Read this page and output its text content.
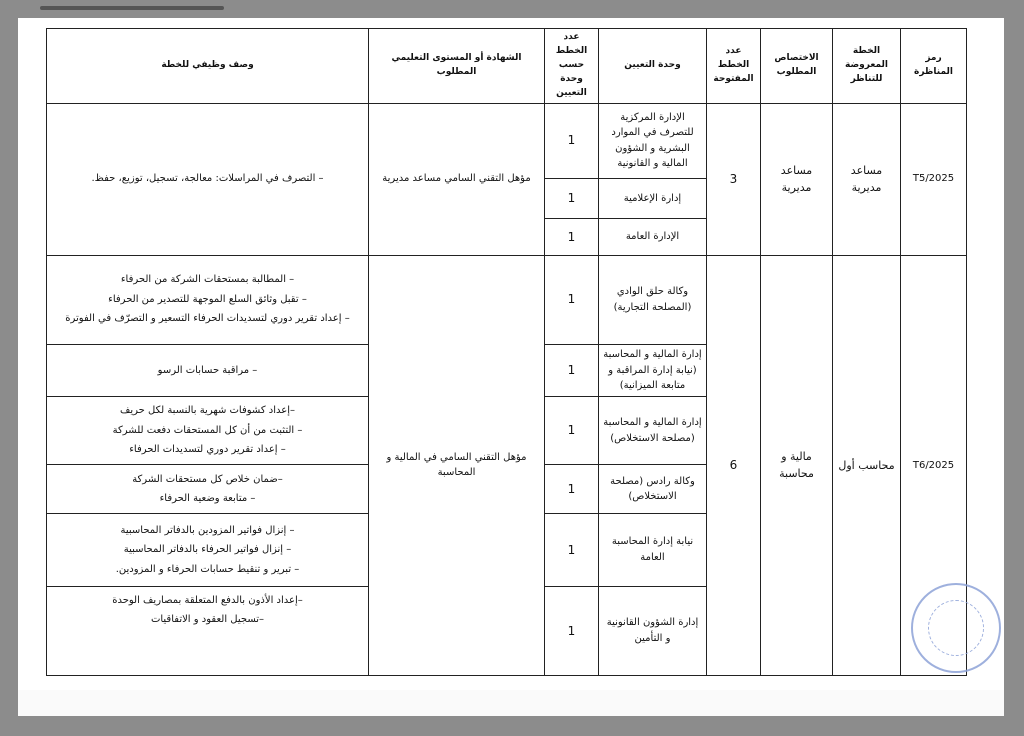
رمز المناظرة	الخطة المعروضة للتناظر	الاختصاص المطلوب	عدد الخطط المفتوحة	وحدة التعيين	عدد الخطط حسب وحدة التعيين	الشهادة أو المستوى التعليمي المطلوب	وصف وظيفي للخطة
T5/2025	مساعد مديرية	مساعد مديرية	3	الإدارة المركزية للتصرف في الموارد البشرية و الشؤون المالية و القانونية	1	مؤهل التقني السامي مساعد مديرية	– التصرف في المراسلات: معالجة، تسجيل، توزيع، حفظ.

				إدارة الإعلامية	1		
				الإدارة العامة	1		
T6/2025	محاسب أول	مالية و محاسبة	6	وكالة حلق الوادي (المصلحة التجارية)	1	مؤهل التقني السامي في المالية و المحاسبة	– المطالبة بمستحقات الشركة من الحرفاء
– تقبل وثائق السلع الموجهة للتصدير من الحرفاء
– إعداد تقرير دوري لتسديدات الحرفاء التسعير و التصرّف في الفوترة

				إدارة المالية و المحاسبة (نيابة إدارة المراقبة و متابعة الميزانية)	1		– مراقبة حسابات الرسو

				إدارة المالية و المحاسبة (مصلحة الاستخلاص)	1		–إعداد كشوفات شهرية بالنسبة لكل حريف
– التثبت من أن كل المستحقات دفعت للشركة
– إعداد تقرير دوري لتسديدات الحرفاء

				وكالة رادس (مصلحة الاستخلاص)	1		–ضمان خلاص كل مستحقات الشركة
– متابعة وضعية الحرفاء

				نيابة إدارة المحاسبة العامة	1		– إنزال فواتير المزودين بالدفاتر المحاسبية
– إنزال فواتير الحرفاء بالدفاتر المحاسبية
– تبرير و تنقيط حسابات الحرفاء و المزودين.

				إدارة الشؤون القانونية و التأمين	1		–إعداد الأذون بالدفع المتعلقة بمصاريف الوحدة
–تسجيل العقود و الاتفاقيات
